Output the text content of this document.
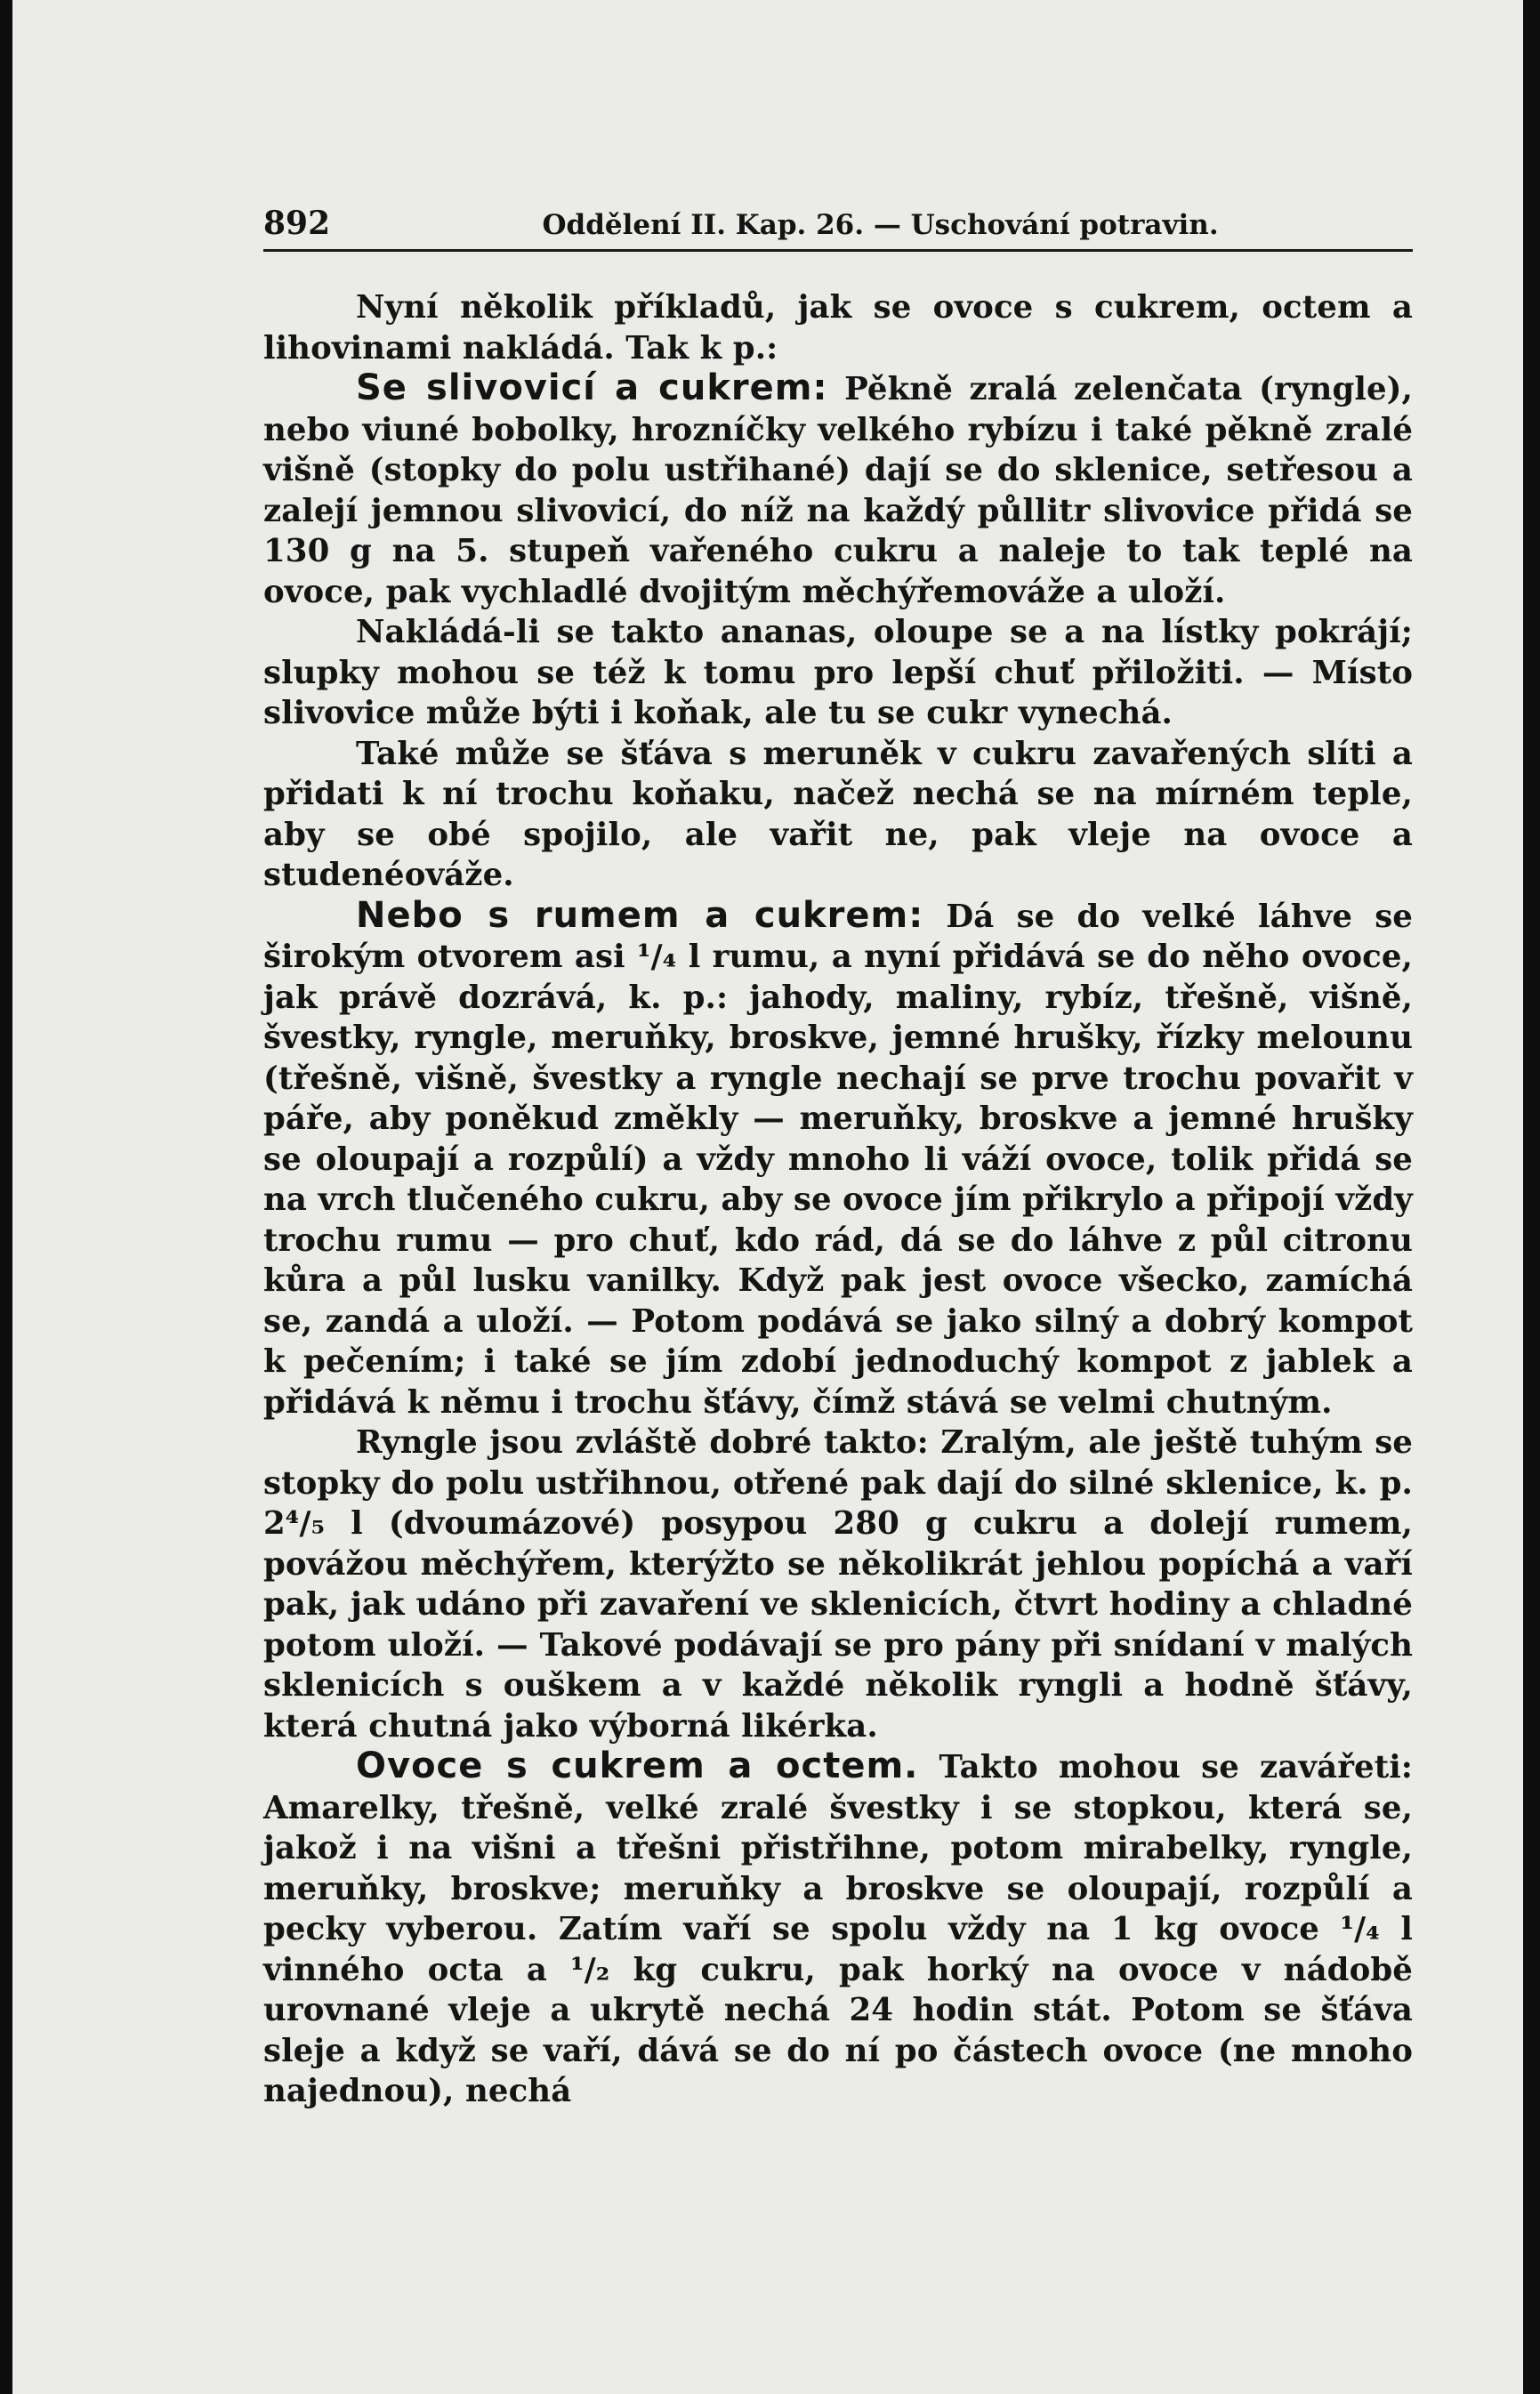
892	Oddělení II. Kap. 26. — Uschování potravin.

Nyní několik příkladů, jak se ovoce s cukrem, octem a lihovinami nakládá. Tak k p.:

Se slivovicí a cukrem: Pěkně zralá zelenčata (ryngle), nebo viuné bobolky, hrozníčky velkého rybízu i také pěkně zralé višně (stopky do polu ustřihané) dají se do sklenice, setřesou a zalejí jemnou slivovicí, do níž na každý půllitr slivovice přidá se 130 g na 5. stupeň vařeného cukru a naleje to tak teplé na ovoce, pak vychladlé dvojitým měchýřemováže a uloží.

Nakládá-li se takto ananas, oloupe se a na lístky pokrájí; slupky mohou se též k tomu pro lepší chuť přiložiti. — Místo slivovice může býti i koňak, ale tu se cukr vynechá.

Také může se šťáva s meruněk v cukru zavařených slíti a přidati k ní trochu koňaku, načež nechá se na mírném teple, aby se obé spojilo, ale vařit ne, pak vleje na ovoce a studenéováže.

Nebo s rumem a cukrem: Dá se do velké láhve se širokým otvorem asi ¹/₄ l rumu, a nyní přidává se do něho ovoce, jak právě dozrává, k. p.: jahody, maliny, rybíz, třešně, višně, švestky, ryngle, meruňky, broskve, jemné hrušky, řízky melounu (třešně, višně, švestky a ryngle nechají se prve trochu povařit v páře, aby poněkud změkly — meruňky, broskve a jemné hrušky se oloupají a rozpůlí) a vždy mnoho li váží ovoce, tolik přidá se na vrch tlučeného cukru, aby se ovoce jím přikrylo a připojí vždy trochu rumu — pro chuť, kdo rád, dá se do láhve z půl citronu kůra a půl lusku vanilky. Když pak jest ovoce všecko, zamíchá se, zandá a uloží. — Potom podává se jako silný a dobrý kompot k pečením; i také se jím zdobí jednoduchý kompot z jablek a přidává k němu i trochu šťávy, čímž stává se velmi chutným.

Ryngle jsou zvláště dobré takto: Zralým, ale ještě tuhým se stopky do polu ustřihnou, otřené pak dají do silné sklenice, k. p. 2⁴/₅ l (dvoumázové) posypou 280 g cukru a dolejí rumem, povážou měchýřem, kterýžto se několikrát jehlou popíchá a vaří pak, jak udáno při zavaření ve sklenicích, čtvrt hodiny a chladné potom uloží. — Takové podávají se pro pány při snídaní v malých sklenicích s ouškem a v každé několik ryngli a hodně šťávy, která chutná jako výborná likérka.

Ovoce s cukrem a octem. Takto mohou se zavářeti: Amarelky, třešně, velké zralé švestky i se stopkou, která se, jakož i na višni a třešni přistřihne, potom mirabelky, ryngle, meruňky, broskve; meruňky a broskve se oloupají, rozpůlí a pecky vyberou. Zatím vaří se spolu vždy na 1 kg ovoce ¹/₄ l vinného octa a ¹/₂ kg cukru, pak horký na ovoce v nádobě urovnané vleje a ukrytě nechá 24 hodin stát. Potom se šťáva sleje a když se vaří, dává se do ní po částech ovoce (ne mnoho najednou), nechá
